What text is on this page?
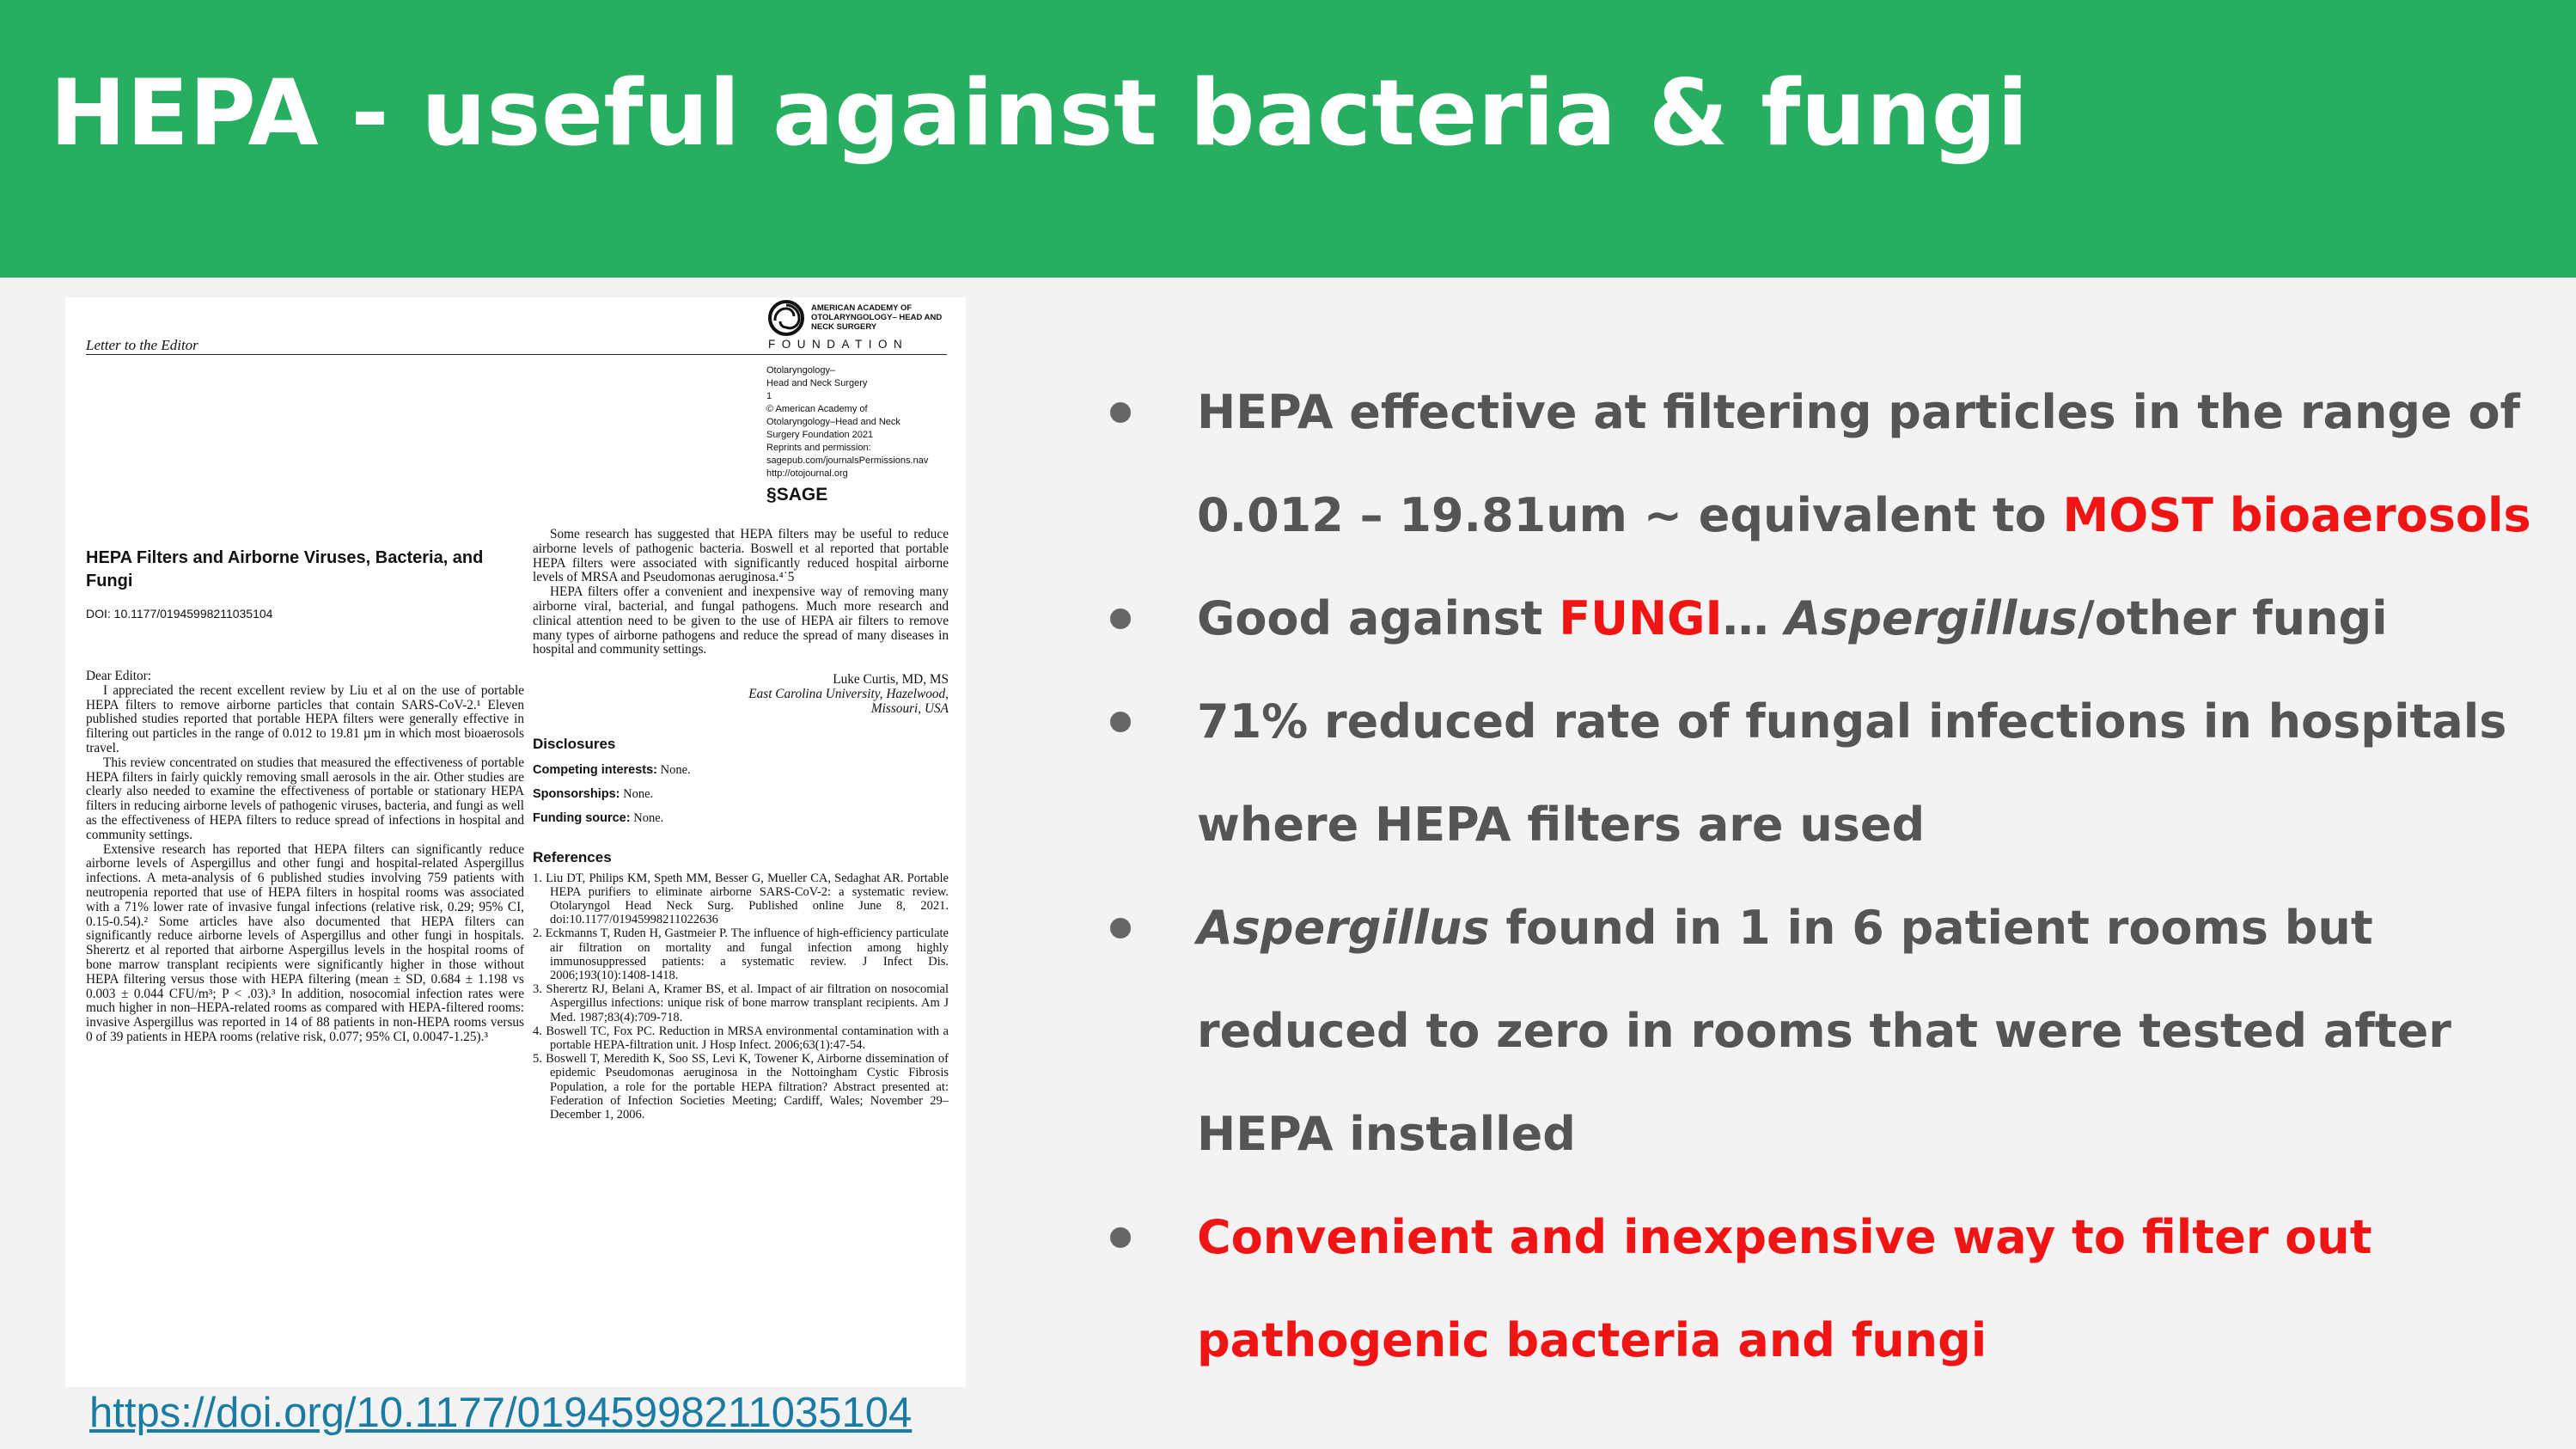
HEPA - useful against bacteria & fungi
Letter to the Editor
AMERICAN ACADEMY OF OTOLARYNGOLOGY– HEAD AND NECK SURGERY
FOUNDATION
Otolaryngology–
Head and Neck Surgery
1
© American Academy of
Otolaryngology–Head and Neck
Surgery Foundation 2021
Reprints and permission:
sagepub.com/journalsPermissions.nav
http://otojournal.org
§SAGE
HEPA Filters and Airborne Viruses, Bacteria, and Fungi
DOI: 10.1177/01945998211035104

Dear Editor:

I appreciated the recent excellent review by Liu et al on the use of portable HEPA filters to remove airborne particles that contain SARS-CoV-2.¹ Eleven published studies reported that portable HEPA filters were generally effective in filtering out particles in the range of 0.012 to 19.81 µm in which most bioaerosols travel.

This review concentrated on studies that measured the effectiveness of portable HEPA filters in fairly quickly removing small aerosols in the air. Other studies are clearly also needed to examine the effectiveness of portable or stationary HEPA filters in reducing airborne levels of pathogenic viruses, bacteria, and fungi as well as the effectiveness of HEPA filters to reduce spread of infections in hospital and community settings.

Extensive research has reported that HEPA filters can significantly reduce airborne levels of Aspergillus and other fungi and hospital-related Aspergillus infections. A meta-analysis of 6 published studies involving 759 patients with neutropenia reported that use of HEPA filters in hospital rooms was associated with a 71% lower rate of invasive fungal infections (relative risk, 0.29; 95% CI, 0.15-0.54).² Some articles have also documented that HEPA filters can significantly reduce airborne levels of Aspergillus and other fungi in hospitals. Sherertz et al reported that airborne Aspergillus levels in the hospital rooms of bone marrow transplant recipients were significantly higher in those without HEPA filtering versus those with HEPA filtering (mean ± SD, 0.684 ± 1.198 vs 0.003 ± 0.044 CFU/m³; P < .03).³ In addition, nosocomial infection rates were much higher in non–HEPA-related rooms as compared with HEPA-filtered rooms: invasive Aspergillus was reported in 14 of 88 patients in non-HEPA rooms versus 0 of 39 patients in HEPA rooms (relative risk, 0.077; 95% CI, 0.0047-1.25).³

Some research has suggested that HEPA filters may be useful to reduce airborne levels of pathogenic bacteria. Boswell et al reported that portable HEPA filters were associated with significantly reduced hospital airborne levels of MRSA and Pseudomonas aeruginosa.⁴˙5

HEPA filters offer a convenient and inexpensive way of removing many airborne viral, bacterial, and fungal pathogens. Much more research and clinical attention need to be given to the use of HEPA air filters to remove many types of airborne pathogens and reduce the spread of many diseases in hospital and community settings.

Luke Curtis, MD, MS
East Carolina University, Hazelwood,
Missouri, USA
Disclosures

Competing interests: None.

Sponsorships: None.

Funding source: None.

References

1. Liu DT, Philips KM, Speth MM, Besser G, Mueller CA, Sedaghat AR. Portable HEPA purifiers to eliminate airborne SARS-CoV-2: a systematic review. Otolaryngol Head Neck Surg. Published online June 8, 2021. doi:10.1177/01945998211022636

2. Eckmanns T, Ruden H, Gastmeier P. The influence of high-efficiency particulate air filtration on mortality and fungal infection among highly immunosuppressed patients: a systematic review. J Infect Dis. 2006;193(10):1408-1418.

3. Sherertz RJ, Belani A, Kramer BS, et al. Impact of air filtration on nosocomial Aspergillus infections: unique risk of bone marrow transplant recipients. Am J Med. 1987;83(4):709-718.

4. Boswell TC, Fox PC. Reduction in MRSA environmental contamination with a portable HEPA-filtration unit. J Hosp Infect. 2006;63(1):47-54.

5. Boswell T, Meredith K, Soo SS, Levi K, Towener K, Airborne dissemination of epidemic Pseudomonas aeruginosa in the Nottoingham Cystic Fibrosis Population, a role for the portable HEPA filtration? Abstract presented at: Federation of Infection Societies Meeting; Cardiff, Wales; November 29–December 1, 2006.

https://doi.org/10.1177/01945998211035104
HEPA effective at filtering particles in the range of 0.012 – 19.81um ~ equivalent to MOST bioaerosols
Good against FUNGI… Aspergillus/other fungi
71% reduced rate of fungal infections in hospitals where HEPA filters are used
Aspergillus found in 1 in 6 patient rooms but reduced to zero in rooms that were tested after HEPA installed
Convenient and inexpensive way to filter out pathogenic bacteria and fungi
